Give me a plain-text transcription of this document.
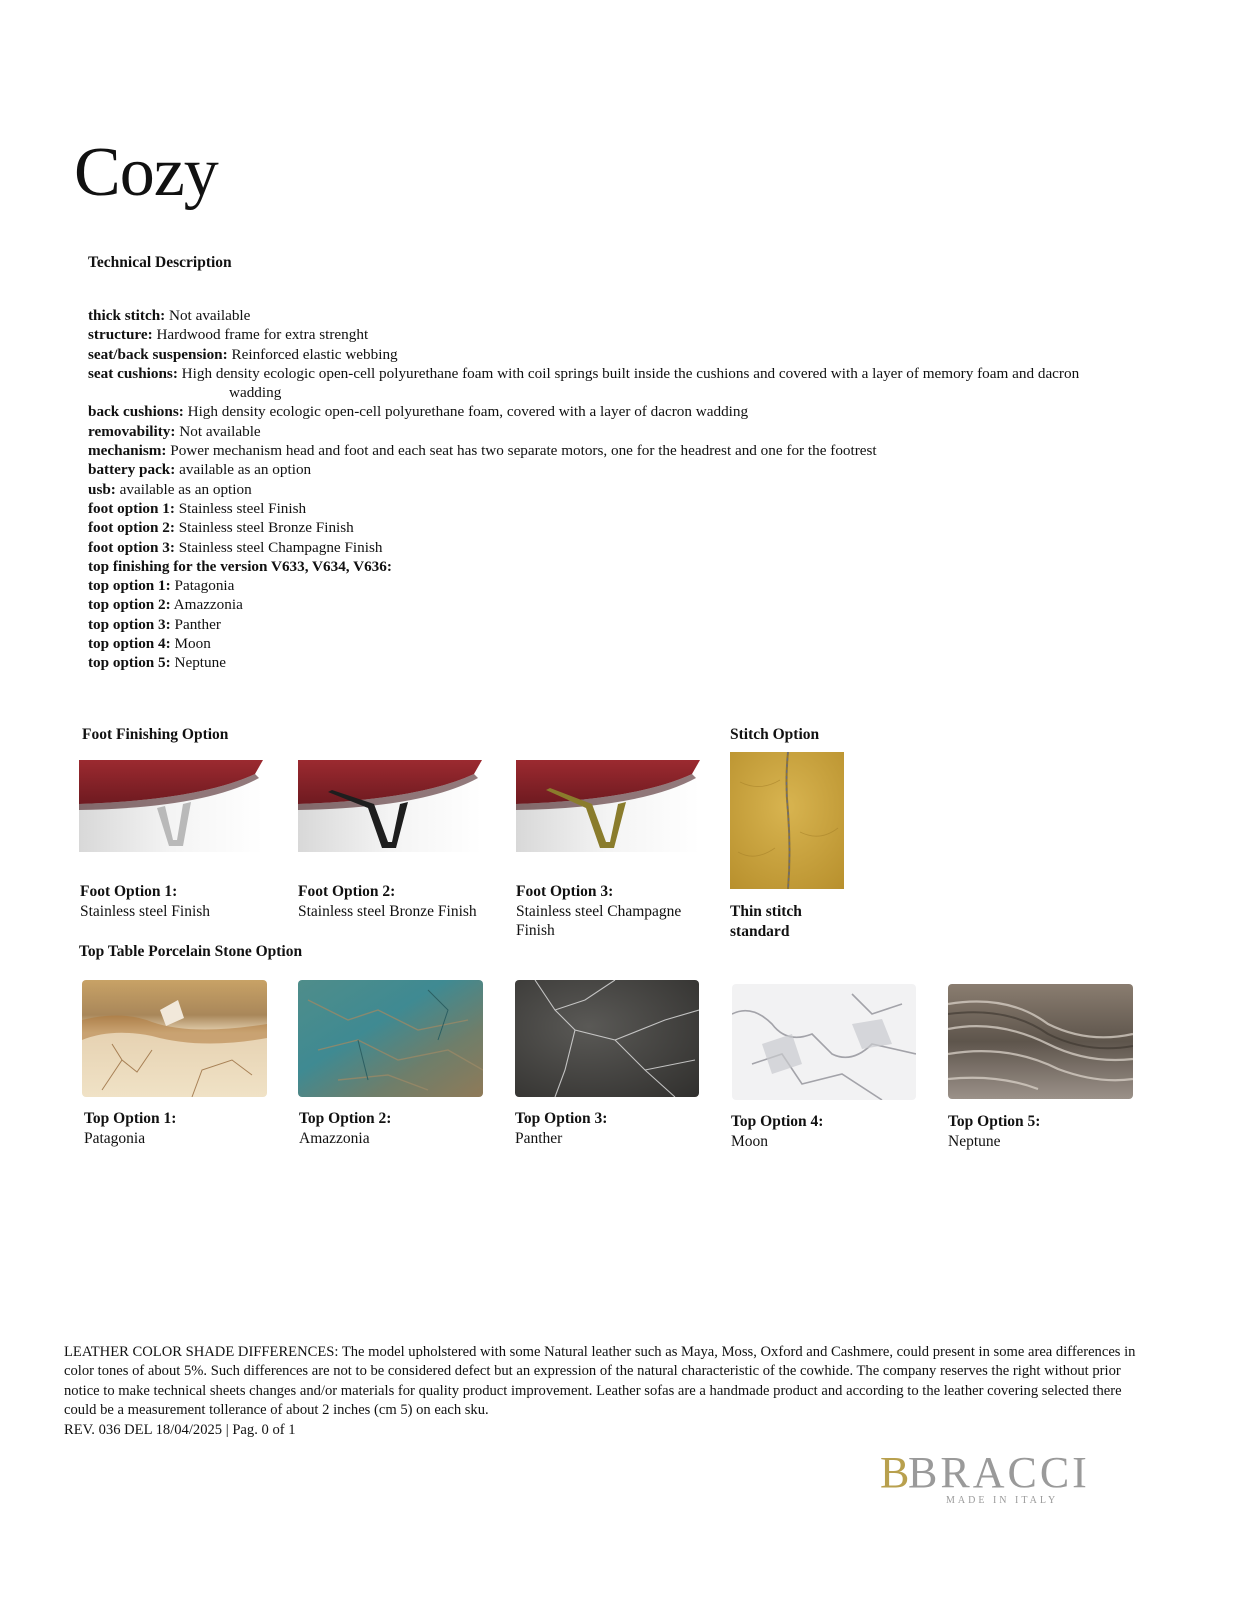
Cozy
Technical Description
thick stitch: Not available
structure: Hardwood frame for extra strenght
seat/back suspension: Reinforced elastic webbing
seat cushions: High density ecologic open-cell polyurethane foam with coil springs built inside the cushions and covered with a layer of memory foam and dacron
wadding
back cushions: High density ecologic open-cell polyurethane foam, covered with a layer of dacron wadding
removability: Not available
mechanism: Power mechanism head and foot and each seat has two separate motors, one for the headrest and one for the footrest
battery pack: available as an option
usb: available as an option
foot option 1: Stainless steel Finish
foot option 2: Stainless steel Bronze Finish
foot option 3: Stainless steel Champagne Finish
top finishing for the version V633, V634, V636:
top option 1: Patagonia
top option 2: Amazzonia
top option 3: Panther
top option 4: Moon
top option 5: Neptune
Foot Finishing Option	Stitch Option
Foot Option 1:
Stainless steel Finish
Foot Option 2:
Stainless steel Bronze Finish
Foot Option 3:
Stainless steel Champagne
Finish
Thin stitch
standard
Top Table Porcelain Stone Option
Top Option 1:
Patagonia
Top Option 2:
Amazzonia
Top Option 3:
Panther
Top Option 4:
Moon
Top Option 5:
Neptune
LEATHER COLOR SHADE DIFFERENCES: The model upholstered with some Natural leather such as Maya, Moss, Oxford and Cashmere, could present in some area differences in color tones of about 5%. Such differences are not to be considered defect but an expression of the natural characteristic of the cowhide. The company reserves the right without prior notice to make technical sheets changes and/or materials for quality product improvement. Leather sofas are a handmade product and according to the leather covering selected there could be a measurement tollerance of about 2 inches (cm 5) on each sku.
REV. 036 DEL 18/04/2025 | Pag. 0 of 1
B
BRACCI
MADE IN ITALY
